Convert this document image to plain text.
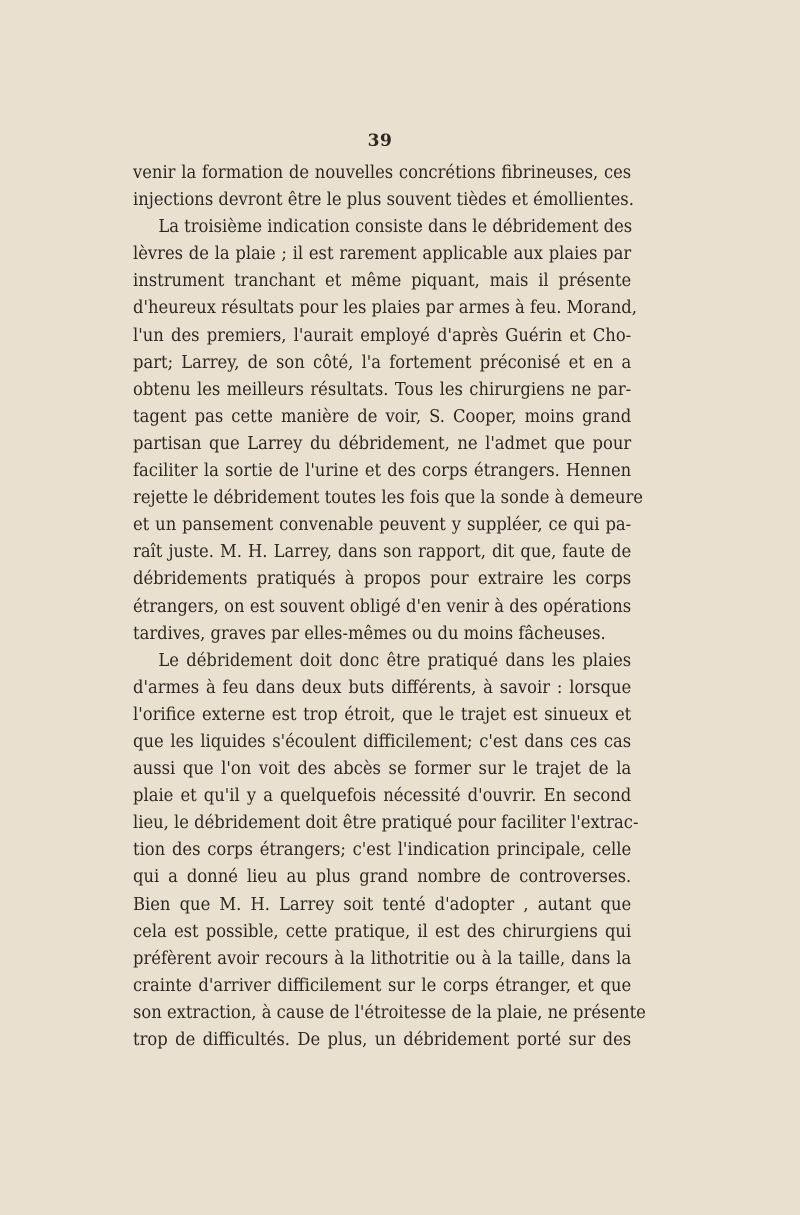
39
venir la formation de nouvelles concrétions fibrineuses, ces
injections devront être le plus souvent tièdes et émollientes.
La troisième indication consiste dans le débridement des
lèvres de la plaie ; il est rarement applicable aux plaies par
instrument tranchant et même piquant, mais il présente
d'heureux résultats pour les plaies par armes à feu. Morand,
l'un des premiers, l'aurait employé d'après Guérin et Cho-
part; Larrey, de son côté, l'a fortement préconisé et en a
obtenu les meilleurs résultats. Tous les chirurgiens ne par-
tagent pas cette manière de voir, S. Cooper, moins grand
partisan que Larrey du débridement, ne l'admet que pour
faciliter la sortie de l'urine et des corps étrangers. Hennen
rejette le débridement toutes les fois que la sonde à demeure
et un pansement convenable peuvent y suppléer, ce qui pa-
raît juste. M. H. Larrey, dans son rapport, dit que, faute de
débridements pratiqués à propos pour extraire les corps
étrangers, on est souvent obligé d'en venir à des opérations
tardives, graves par elles-mêmes ou du moins fâcheuses.
Le débridement doit donc être pratiqué dans les plaies
d'armes à feu dans deux buts différents, à savoir : lorsque
l'orifice externe est trop étroit, que le trajet est sinueux et
que les liquides s'écoulent difficilement; c'est dans ces cas
aussi que l'on voit des abcès se former sur le trajet de la
plaie et qu'il y a quelquefois nécessité d'ouvrir. En second
lieu, le débridement doit être pratiqué pour faciliter l'extrac-
tion des corps étrangers; c'est l'indication principale, celle
qui a donné lieu au plus grand nombre de controverses.
Bien que M. H. Larrey soit tenté d'adopter , autant que
cela est possible, cette pratique, il est des chirurgiens qui
préfèrent avoir recours à la lithotritie ou à la taille, dans la
crainte d'arriver difficilement sur le corps étranger, et que
son extraction, à cause de l'étroitesse de la plaie, ne présente
trop de difficultés. De plus, un débridement porté sur des
